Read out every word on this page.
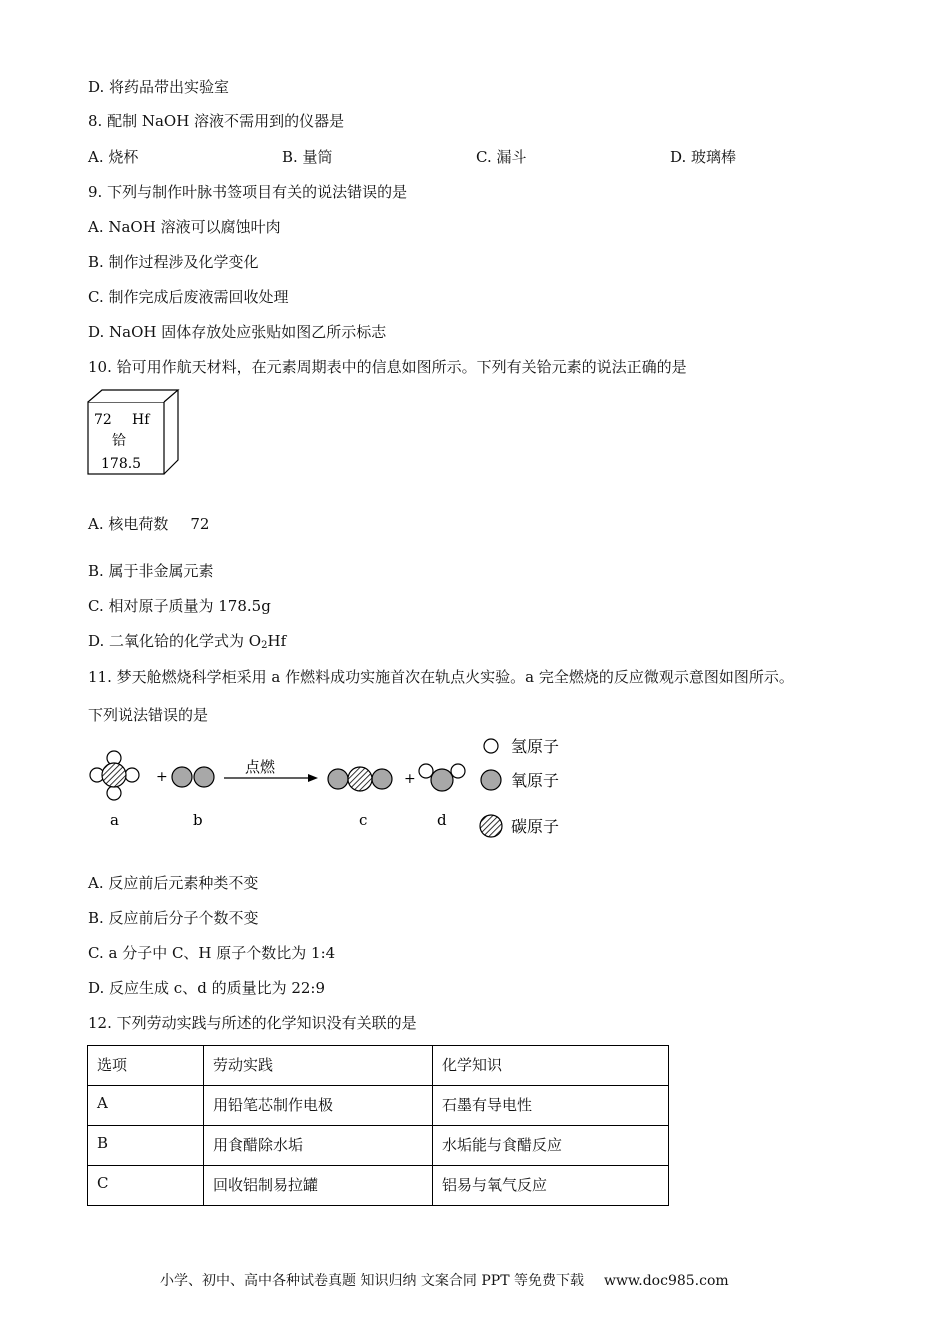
D. 将药品带出实验室
8. 配制 NaOH 溶液不需用到的仪器是
A. 烧杯	B. 量筒	C. 漏斗	D. 玻璃棒
9. 下列与制作叶脉书签项目有关的说法错误的是
A. NaOH 溶液可以腐蚀叶肉
B. 制作过程涉及化学变化
C. 制作完成后废液需回收处理
D. NaOH 固体存放处应张贴如图乙所示标志
10. 铪可用作航天材料，在元素周期表中的信息如图所示。下列有关铪元素的说法正确的是
72 Hf
铪
178.5
A. 核电荷数 72
B. 属于非金属元素
C. 相对原子质量为 178.5g
D. 二氧化铪的化学式为 $O_2Hf$
11. 梦天舱燃烧科学柜采用 a 作燃料成功实施首次在轨点火实验。a 完全燃烧的反应微观示意图如图所示。
下列说法错误的是
+
点燃
+
a	b	c	d
氢原子
氧原子
碳原子
A. 反应前后元素种类不变
B. 反应前后分子个数不变
C. a 分子中 C、H 原子个数比为 1:4
D. 反应生成 c、d 的质量比为 22:9
12. 下列劳动实践与所述的化学知识没有关联的是
选项	劳动实践	化学知识
A	用铅笔芯制作电极	石墨有导电性
B	用食醋除水垢	水垢能与食醋反应
C	回收铝制易拉罐	铝易与氧气反应
小学、初中、高中各种试卷真题 知识归纳 文案合同 PPT 等免费下载 www.doc985.com
